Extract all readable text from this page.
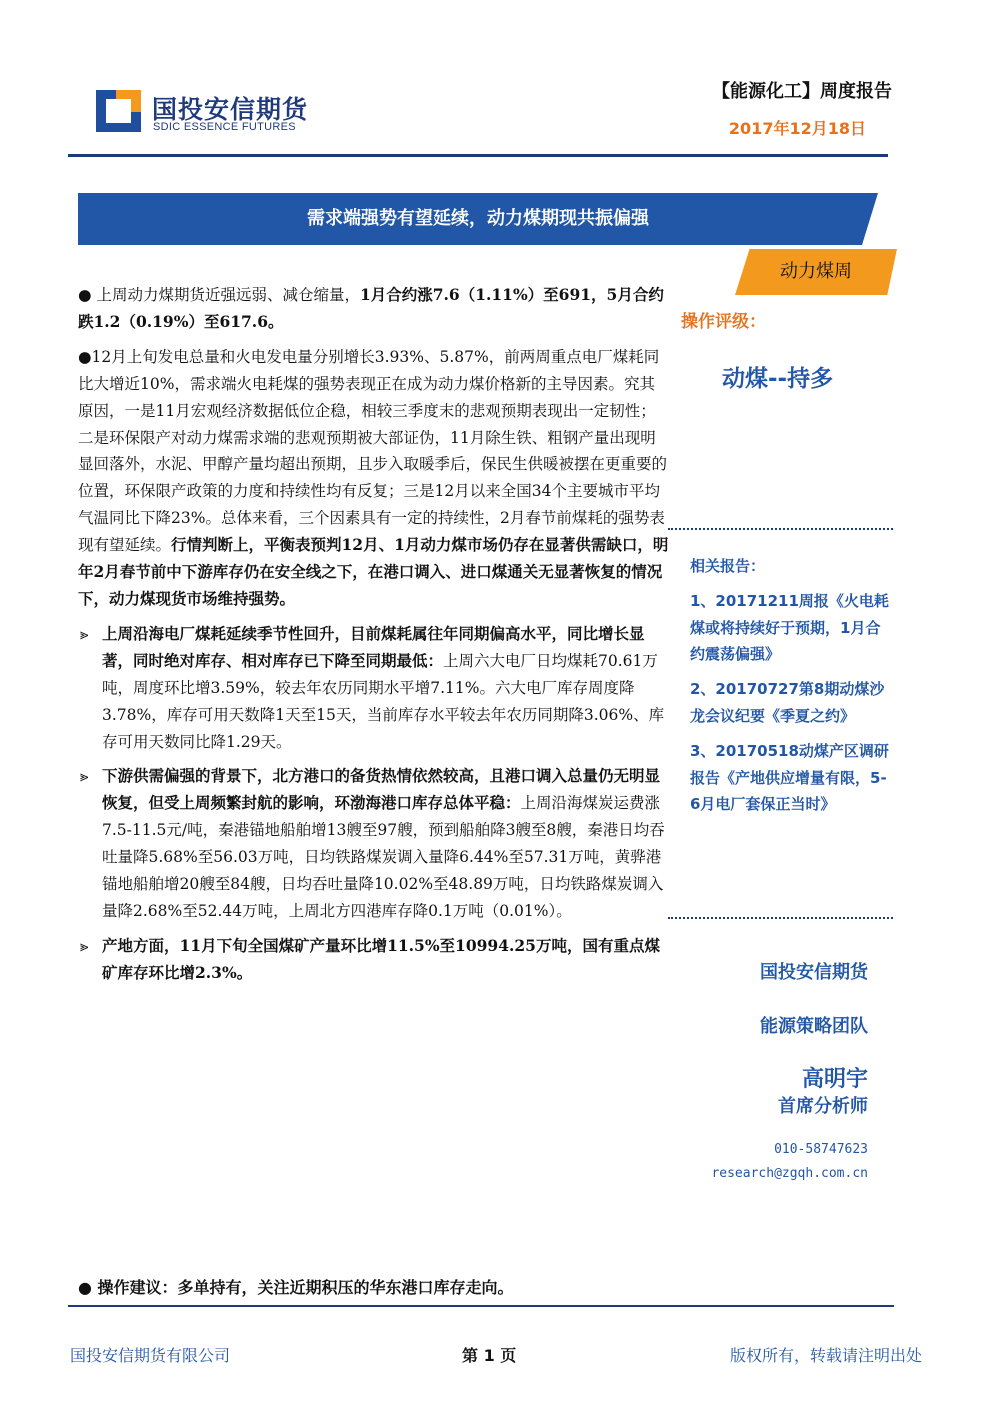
国投安信期货
SDIC ESSENCE FUTURES
【能源化工】周度报告
2017年12月18日
需求端强势有望延续，动力煤期现共振偏强
动力煤周

● 上周动力煤期货近强远弱、减仓缩量，1月合约涨7.6（1.11%）至691，5月合约跌1.2（0.19%）至617.6。

●12月上旬发电总量和火电发电量分别增长3.93%、5.87%，前两周重点电厂煤耗同比大增近10%，需求端火电耗煤的强势表现正在成为动力煤价格新的主导因素。究其原因，一是11月宏观经济数据低位企稳，相较三季度末的悲观预期表现出一定韧性；二是环保限产对动力煤需求端的悲观预期被大部证伪，11月除生铁、粗钢产量出现明显回落外，水泥、甲醇产量均超出预期，且步入取暖季后，保民生供暖被摆在更重要的位置，环保限产政策的力度和持续性均有反复；三是12月以来全国34个主要城市平均气温同比下降23%。总体来看，三个因素具有一定的持续性，2月春节前煤耗的强势表现有望延续。行情判断上，平衡表预判12月、1月动力煤市场仍存在显著供需缺口，明年2月春节前中下游库存仍在安全线之下，在港口调入、进口煤通关无显著恢复的情况下，动力煤现货市场维持强势。

⪢ 上周沿海电厂煤耗延续季节性回升，目前煤耗属往年同期偏高水平，同比增长显著，同时绝对库存、相对库存已下降至同期最低：上周六大电厂日均煤耗70.61万吨，周度环比增3.59%，较去年农历同期水平增7.11%。六大电厂库存周度降3.78%，库存可用天数降1天至15天，当前库存水平较去年农历同期降3.06%、库存可用天数同比降1.29天。

⪢ 下游供需偏强的背景下，北方港口的备货热情依然较高，且港口调入总量仍无明显恢复，但受上周频繁封航的影响，环渤海港口库存总体平稳：上周沿海煤炭运费涨7.5-11.5元/吨，秦港锚地船舶增13艘至97艘，预到船舶降3艘至8艘，秦港日均吞吐量降5.68%至56.03万吨，日均铁路煤炭调入量降6.44%至57.31万吨，黄骅港锚地船舶增20艘至84艘，日均吞吐量降10.02%至48.89万吨，日均铁路煤炭调入量降2.68%至52.44万吨，上周北方四港库存降0.1万吨（0.01%）。

⪢ 产地方面，11月下旬全国煤矿产量环比增11.5%至10994.25万吨，国有重点煤矿库存环比增2.3%。

● 操作建议：多单持有，关注近期积压的华东港口库存走向。
操作评级：
动煤--持多

相关报告：

1、20171211周报《火电耗煤或将持续好于预期，1月合约震荡偏强》

2、20170727第8期动煤沙龙会议纪要《季夏之约》

3、20170518动煤产区调研报告《产地供应增量有限，5-6月电厂套保正当时》

国投安信期货
能源策略团队
高明宇
首席分析师
010-58747623
research@zgqh.com.cn
国投安信期货有限公司	第 1 页	版权所有，转载请注明出处
